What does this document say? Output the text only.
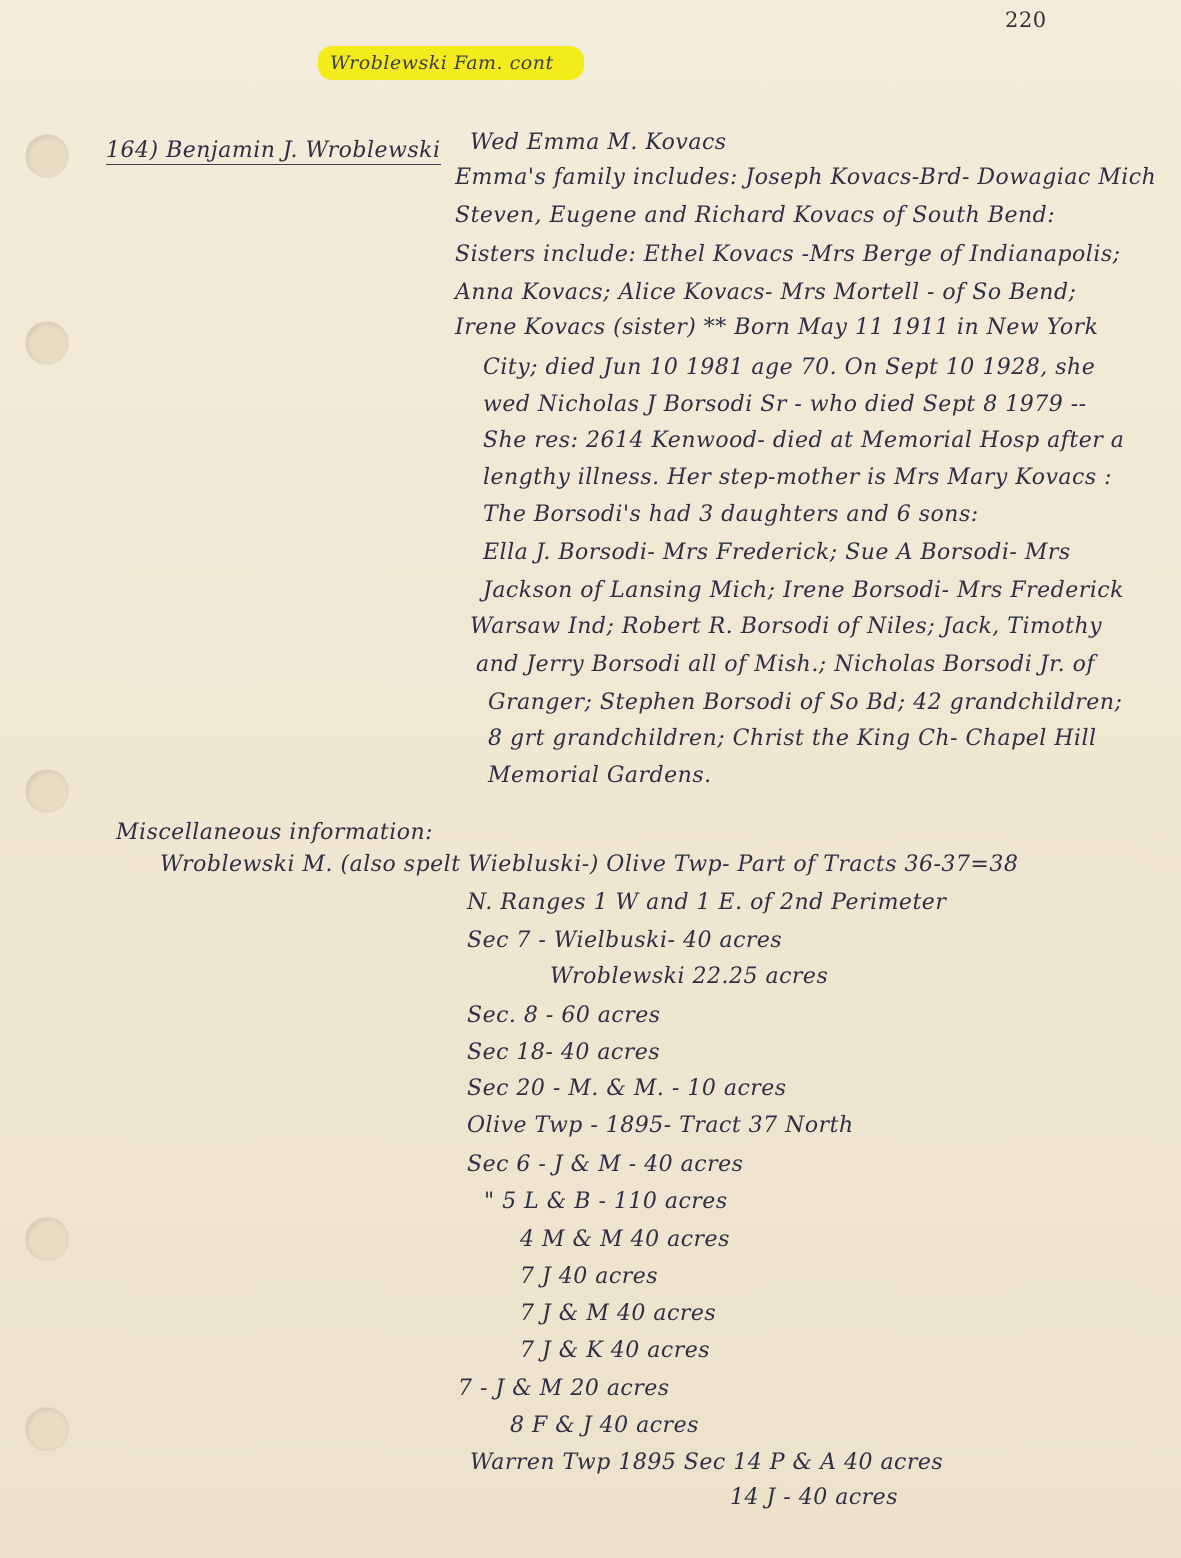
220
Wroblewski Fam. cont
164) Benjamin J. Wroblewski Wed Emma M. Kovacs
Emma's family includes: Joseph Kovacs-Brd- Dowagiac Mich
Steven, Eugene and Richard Kovacs of South Bend:
Sisters include: Ethel Kovacs -Mrs Berge of Indianapolis;
Anna Kovacs; Alice Kovacs- Mrs Mortell - of So Bend;
Irene Kovacs (sister) ** Born May 11 1911 in New York
City; died Jun 10 1981 age 70. On Sept 10 1928, she
wed Nicholas J Borsodi Sr - who died Sept 8 1979 --
She res: 2614 Kenwood- died at Memorial Hosp after a
lengthy illness. Her step-mother is Mrs Mary Kovacs :
The Borsodi's had 3 daughters and 6 sons:
Ella J. Borsodi- Mrs Frederick; Sue A Borsodi- Mrs
Jackson of Lansing Mich; Irene Borsodi- Mrs Frederick
Warsaw Ind; Robert R. Borsodi of Niles; Jack, Timothy
and Jerry Borsodi all of Mish.; Nicholas Borsodi Jr. of
Granger; Stephen Borsodi of So Bd; 42 grandchildren;
8 grt grandchildren; Christ the King Ch- Chapel Hill
Memorial Gardens.
Miscellaneous information:
Wroblewski M. (also spelt Wiebluski-) Olive Twp- Part of Tracts 36-37=38
N. Ranges 1 W and 1 E. of 2nd Perimeter
Sec 7 - Wielbuski- 40 acres
Wroblewski 22.25 acres
Sec. 8 - 60 acres
Sec 18- 40 acres
Sec 20 - M. & M. - 10 acres
Olive Twp - 1895- Tract 37 North
Sec 6 - J & M - 40 acres
" 5 L & B - 110 acres
4 M & M 40 acres
7 J 40 acres
7 J & M 40 acres
7 J & K 40 acres
7 - J & M 20 acres
8 F & J 40 acres
Warren Twp 1895 Sec 14 P & A 40 acres
14 J - 40 acres
